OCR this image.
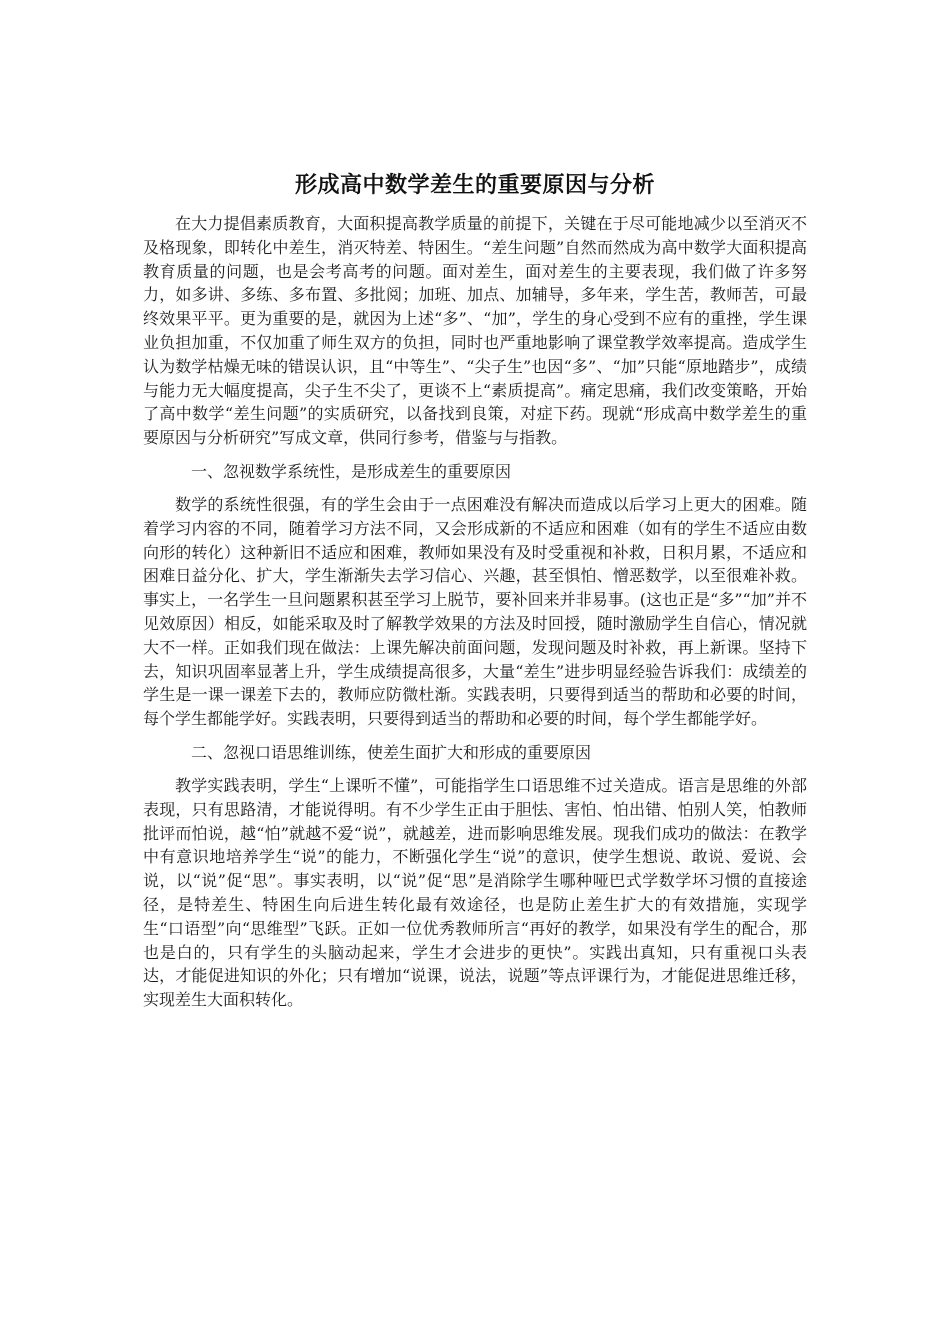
形成高中数学差生的重要原因与分析

在大力提倡素质教育，大面积提高教学质量的前提下，关键在于尽可能地减少以至消灭不及格现象，即转化中差生，消灭特差、特困生。“差生问题”自然而然成为高中数学大面积提高教育质量的问题，也是会考高考的问题。面对差生，面对差生的主要表现，我们做了许多努力，如多讲、多练、多布置、多批阅；加班、加点、加辅导，多年来，学生苦，教师苦，可最终效果平平。更为重要的是，就因为上述“多”、“加”，学生的身心受到不应有的重挫，学生课业负担加重，不仅加重了师生双方的负担，同时也严重地影响了课堂教学效率提高。造成学生认为数学枯燥无味的错误认识，且“中等生”、“尖子生”也因“多”、“加”只能“原地踏步”，成绩与能力无大幅度提高，尖子生不尖了，更谈不上“素质提高”。痛定思痛，我们改变策略，开始了高中数学“差生问题”的实质研究，以备找到良策，对症下药。现就“形成高中数学差生的重要原因与分析研究”写成文章，供同行参考，借鉴与与指教。

一、忽视数学系统性，是形成差生的重要原因

数学的系统性很强，有的学生会由于一点困难没有解决而造成以后学习上更大的困难。随着学习内容的不同，随着学习方法不同，又会形成新的不适应和困难（如有的学生不适应由数向形的转化）这种新旧不适应和困难，教师如果没有及时受重视和补救，日积月累，不适应和困难日益分化、扩大，学生渐渐失去学习信心、兴趣，甚至惧怕、憎恶数学，以至很难补救。事实上，一名学生一旦问题累积甚至学习上脱节，要补回来并非易事。(这也正是“多”“加”并不见效原因）相反，如能采取及时了解教学效果的方法及时回授，随时激励学生自信心，情况就大不一样。正如我们现在做法：上课先解决前面问题，发现问题及时补救，再上新课。坚持下去，知识巩固率显著上升，学生成绩提高很多，大量“差生”进步明显经验告诉我们：成绩差的学生是一课一课差下去的，教师应防微杜渐。实践表明，只要得到适当的帮助和必要的时间，每个学生都能学好。实践表明，只要得到适当的帮助和必要的时间，每个学生都能学好。

二、忽视口语思维训练，使差生面扩大和形成的重要原因

教学实践表明，学生“上课听不懂”，可能指学生口语思维不过关造成。语言是思维的外部表现，只有思路清，才能说得明。有不少学生正由于胆怯、害怕、怕出错、怕别人笑，怕教师批评而怕说，越“怕”就越不爱“说”，就越差，进而影响思维发展。现我们成功的做法：在教学中有意识地培养学生“说”的能力，不断强化学生“说”的意识，使学生想说、敢说、爱说、会说，以“说”促“思”。事实表明，以“说”促“思”是消除学生哪种哑巴式学数学坏习惯的直接途径，是特差生、特困生向后进生转化最有效途径，也是防止差生扩大的有效措施，实现学生“口语型”向“思维型”飞跃。正如一位优秀教师所言“再好的教学，如果没有学生的配合，那也是白的，只有学生的头脑动起来，学生才会进步的更快”。实践出真知，只有重视口头表达，才能促进知识的外化；只有增加“说课，说法，说题”等点评课行为，才能促进思维迁移，实现差生大面积转化。
